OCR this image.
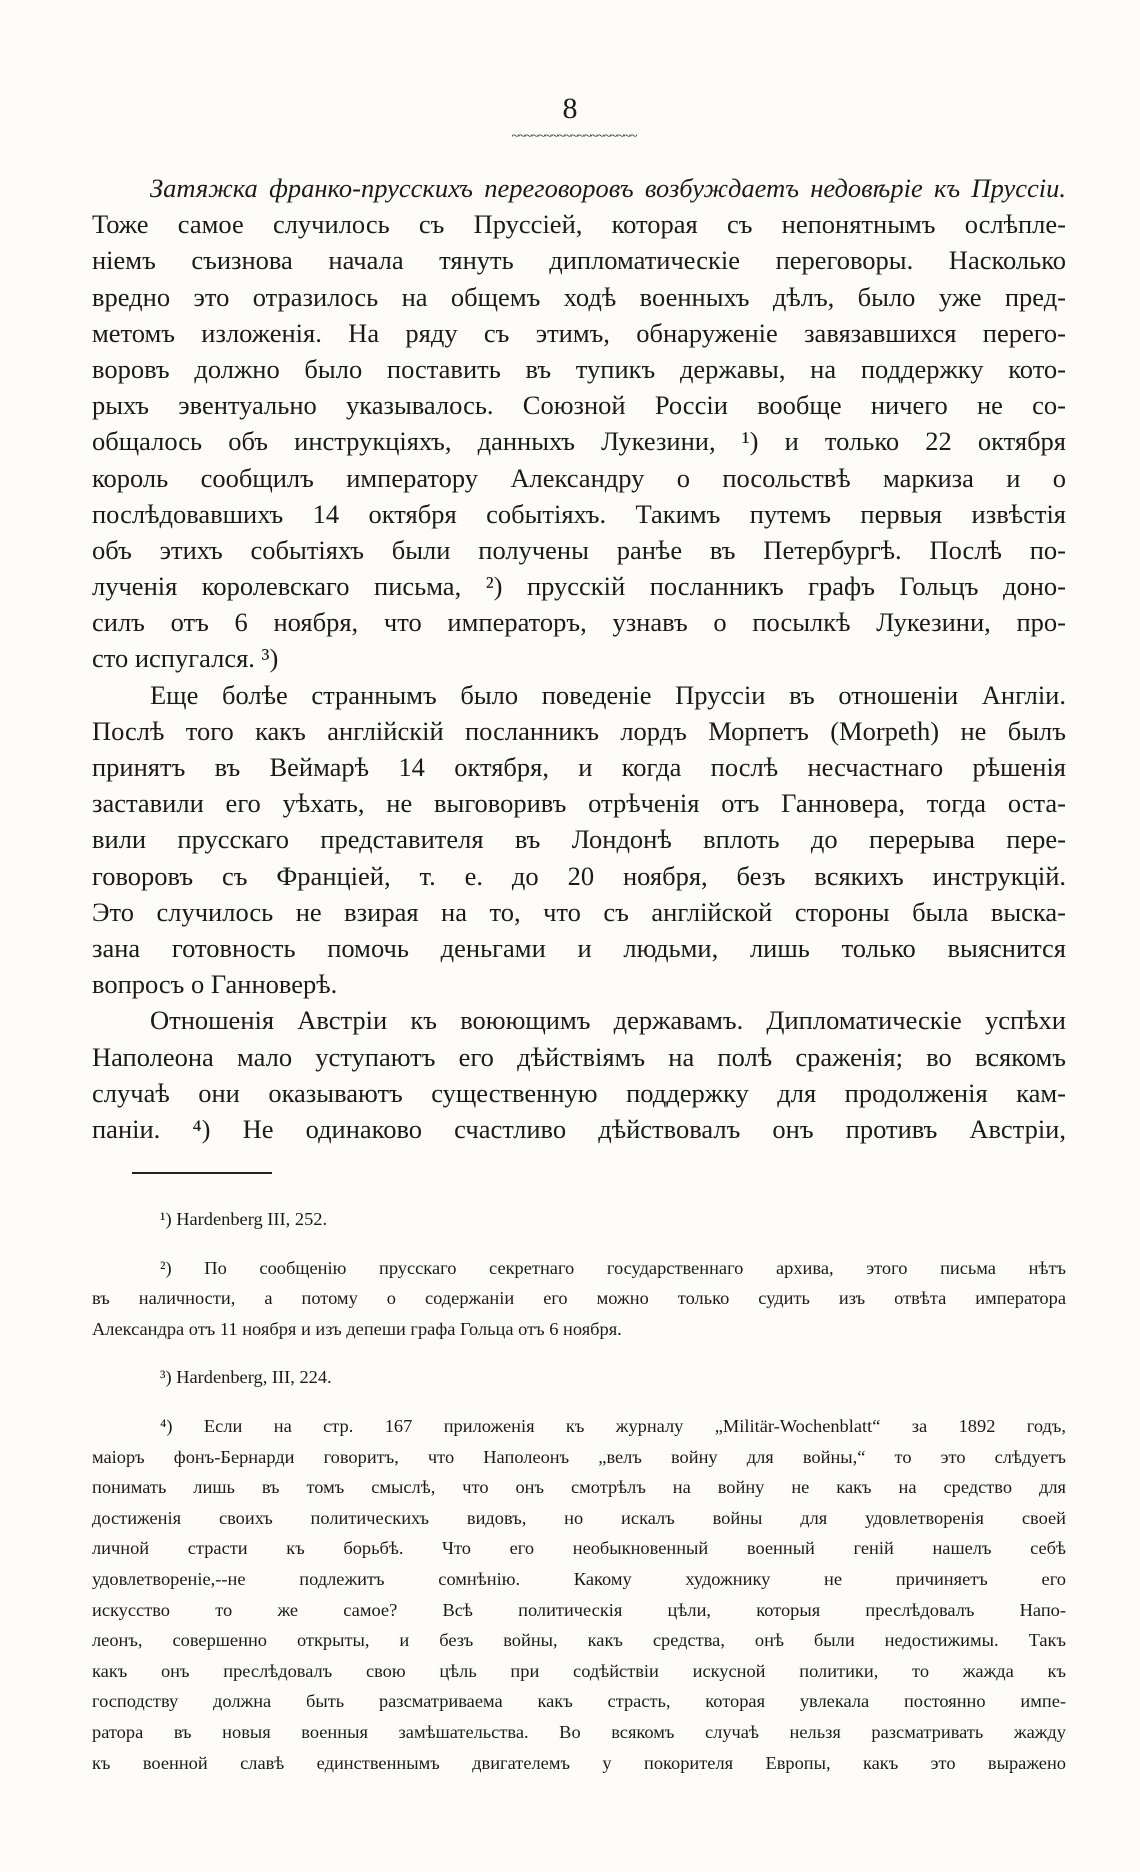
8
~~~~~~~~~~~~~~~~~~~
Затяжка франко-прусскихъ переговоровъ возбуждаетъ недовѣріе къ Пруссіи.
Тоже самое случилось съ Пруссіей, которая съ непонятнымъ ослѣпле-
ніемъ съизнова начала тянуть дипломатическіе переговоры. Насколько
вредно это отразилось на общемъ ходѣ военныхъ дѣлъ, было уже пред-
метомъ изложенія. На ряду съ этимъ, обнаруженіе завязавшихся перего-
воровъ должно было поставить въ тупикъ державы, на поддержку кото-
рыхъ эвентуально указывалось. Союзной Россіи вообще ничего не со-
общалось объ инструкціяхъ, данныхъ Лукезини, ¹) и только 22 октября
король сообщилъ императору Александру о посольствѣ маркиза и о
послѣдовавшихъ 14 октября событіяхъ. Такимъ путемъ первыя извѣстія
объ этихъ событіяхъ были получены ранѣе въ Петербургѣ. Послѣ по-
лученія королевскаго письма, ²) прусскій посланникъ графъ Гольцъ доно-
силъ отъ 6 ноября, что императоръ, узнавъ о посылкѣ Лукезини, про-
сто испугался. ³)
Еще болѣе страннымъ было поведеніе Пруссіи въ отношеніи Англіи.
Послѣ того какъ англійскій посланникъ лордъ Морпетъ (Morpeth) не былъ
принятъ въ Веймарѣ 14 октября, и когда послѣ несчастнаго рѣшенія
заставили его уѣхать, не выговоривъ отрѣченія отъ Ганновера, тогда оста-
вили прусскаго представителя въ Лондонѣ вплоть до перерыва пере-
говоровъ съ Франціей, т. е. до 20 ноября, безъ всякихъ инструкцій.
Это случилось не взирая на то, что съ англійской стороны была выска-
зана готовность помочь деньгами и людьми, лишь только выяснится
вопросъ о Ганноверѣ.
Отношенія Австріи къ воюющимъ державамъ. Дипломатическіе успѣхи
Наполеона мало уступаютъ его дѣйствіямъ на полѣ сраженія; во всякомъ
случаѣ они оказываютъ существенную поддержку для продолженія кам-
паніи. ⁴) Не одинаково счастливо дѣйствовалъ онъ противъ Австріи,
¹) Hardenberg III, 252.
²) По сообщенію прусскаго секретнаго государственнаго архива, этого письма нѣтъ
въ наличности, а потому о содержаніи его можно только судить изъ отвѣта императора
Александра отъ 11 ноября и изъ депеши графа Гольца отъ 6 ноября.
³) Hardenberg, III, 224.
⁴) Если на стр. 167 приложенія къ журналу „Militär-Wochenblatt“ за 1892 годъ,
маіоръ фонъ-Бернарди говоритъ, что Наполеонъ „велъ войну для войны,“ то это слѣдуетъ
понимать лишь въ томъ смыслѣ, что онъ смотрѣлъ на войну не какъ на средство для
достиженія своихъ политическихъ видовъ, но искалъ войны для удовлетворенія своей
личной страсти къ борьбѣ. Что его необыкновенный военный геній нашелъ себѣ
удовлетвореніе,--не подлежитъ сомнѣнію. Какому художнику не причиняетъ его
искусство то же самое? Всѣ политическія цѣли, которыя преслѣдовалъ Напо-
леонъ, совершенно открыты, и безъ войны, какъ средства, онѣ были недостижимы. Такъ
какъ онъ преслѣдовалъ свою цѣль при содѣйствіи искусной политики, то жажда къ
господству должна быть разсматриваема какъ страсть, которая увлекала постоянно импе-
ратора въ новыя военныя замѣшательства. Во всякомъ случаѣ нельзя разсматривать жажду
къ военной славѣ единственнымъ двигателемъ у покорителя Европы, какъ это выражено
